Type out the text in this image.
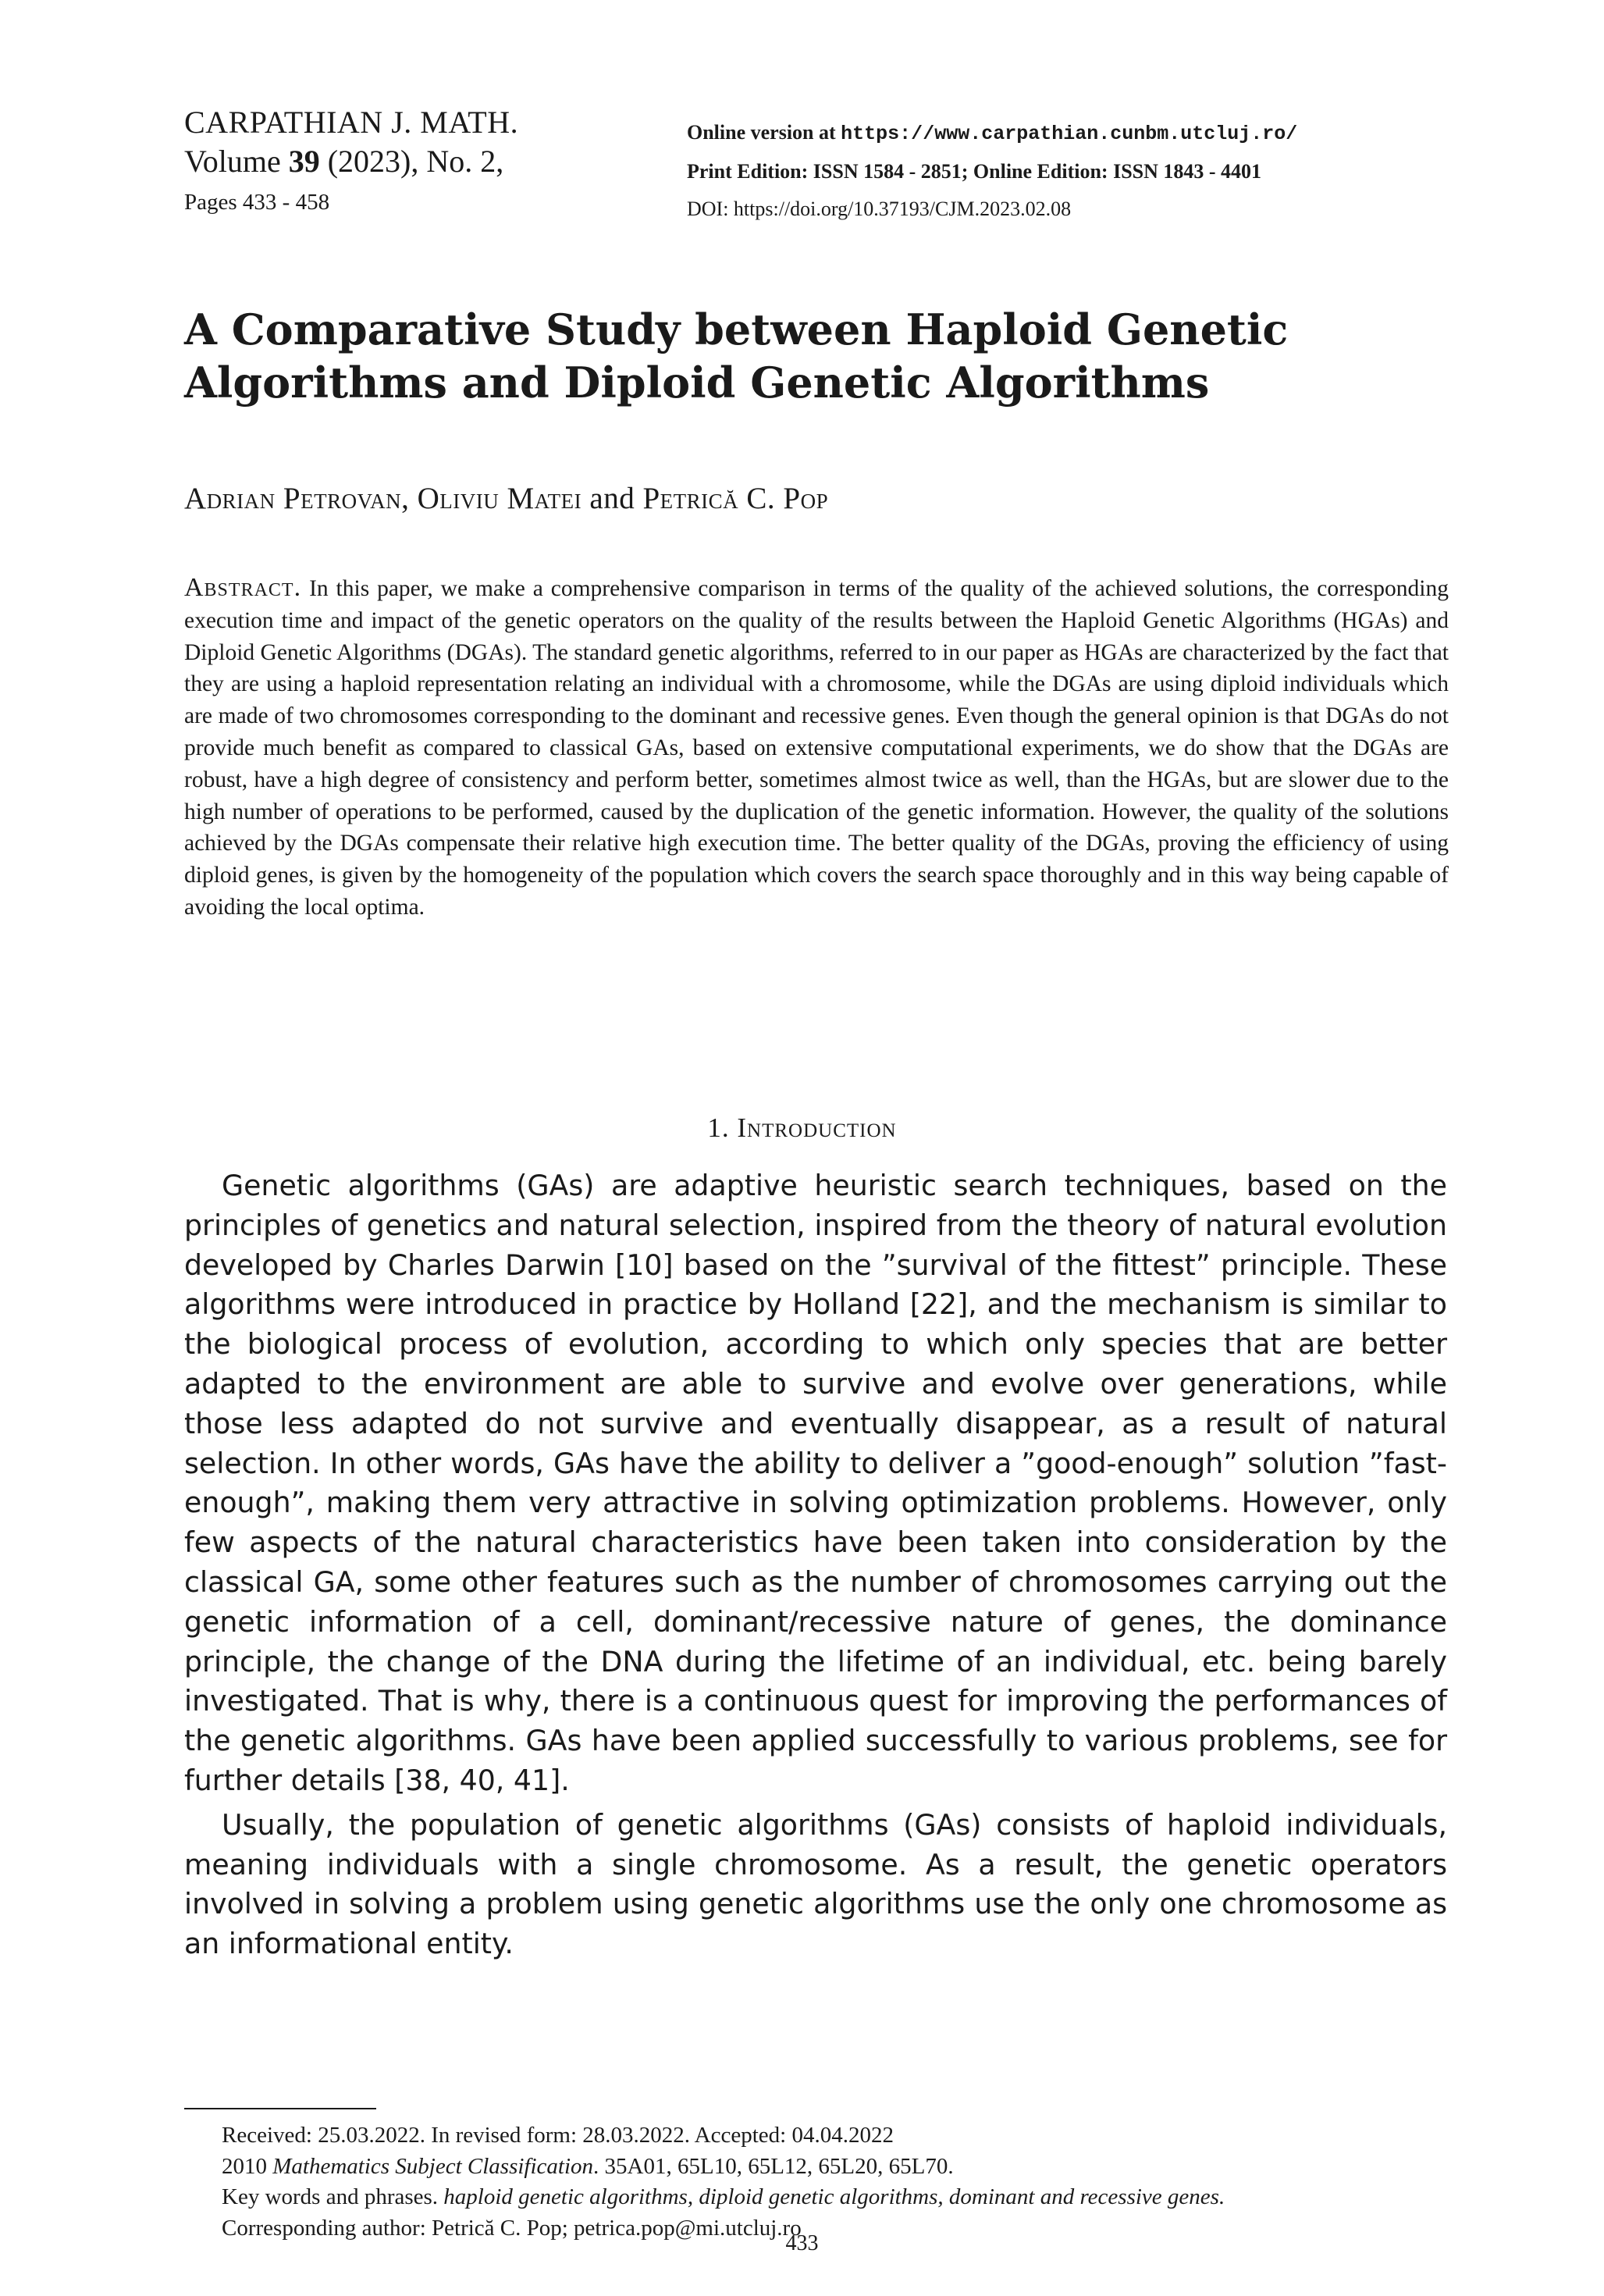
CARPATHIAN J. MATH.
Volume 39 (2023), No. 2,
Pages 433 - 458
Online version at https://www.carpathian.cunbm.utcluj.ro/
Print Edition: ISSN 1584 - 2851; Online Edition: ISSN 1843 - 4401
DOI: https://doi.org/10.37193/CJM.2023.02.08
A Comparative Study between Haploid Genetic
Algorithms and Diploid Genetic Algorithms
Adrian Petrovan, Oliviu Matei and Petrică C. Pop
Abstract. In this paper, we make a comprehensive comparison in terms of the quality of the achieved solutions, the corresponding execution time and impact of the genetic operators on the quality of the results between the Haploid Genetic Algorithms (HGAs) and Diploid Genetic Algorithms (DGAs). The standard genetic algorithms, referred to in our paper as HGAs are characterized by the fact that they are using a haploid representation relating an individual with a chromosome, while the DGAs are using diploid individuals which are made of two chromosomes corresponding to the dominant and recessive genes. Even though the general opinion is that DGAs do not provide much benefit as compared to classical GAs, based on extensive computational experiments, we do show that the DGAs are robust, have a high degree of consistency and perform better, sometimes almost twice as well, than the HGAs, but are slower due to the high number of operations to be performed, caused by the duplication of the genetic information. However, the quality of the solutions achieved by the DGAs compensate their relative high execution time. The better quality of the DGAs, proving the efficiency of using diploid genes, is given by the homogeneity of the population which covers the search space thoroughly and in this way being capable of avoiding the local optima.
1. Introduction

Genetic algorithms (GAs) are adaptive heuristic search techniques, based on the principles of genetics and natural selection, inspired from the theory of natural evolution developed by Charles Darwin [10] based on the ”survival of the fittest” principle. These algorithms were introduced in practice by Holland [22], and the mechanism is similar to the biological process of evolution, according to which only species that are better adapted to the environment are able to survive and evolve over generations, while those less adapted do not survive and eventually disappear, as a result of natural selection. In other words, GAs have the ability to deliver a ”good-enough” solution ”fast-enough”, making them very attractive in solving optimization problems. However, only few aspects of the natural characteristics have been taken into consideration by the classical GA, some other features such as the number of chromosomes carrying out the genetic information of a cell, dominant/recessive nature of genes, the dominance principle, the change of the DNA during the lifetime of an individual, etc. being barely investigated. That is why, there is a continuous quest for improving the performances of the genetic algorithms. GAs have been applied successfully to various problems, see for further details [38, 40, 41].

Usually, the population of genetic algorithms (GAs) consists of haploid individuals, meaning individuals with a single chromosome. As a result, the genetic operators involved in solving a problem using genetic algorithms use the only one chromosome as an informational entity.

Received: 25.03.2022. In revised form: 28.03.2022. Accepted: 04.04.2022
2010 Mathematics Subject Classification. 35A01, 65L10, 65L12, 65L20, 65L70.
Key words and phrases. haploid genetic algorithms, diploid genetic algorithms, dominant and recessive genes.
Corresponding author: Petrică C. Pop; petrica.pop@mi.utcluj.ro
433
